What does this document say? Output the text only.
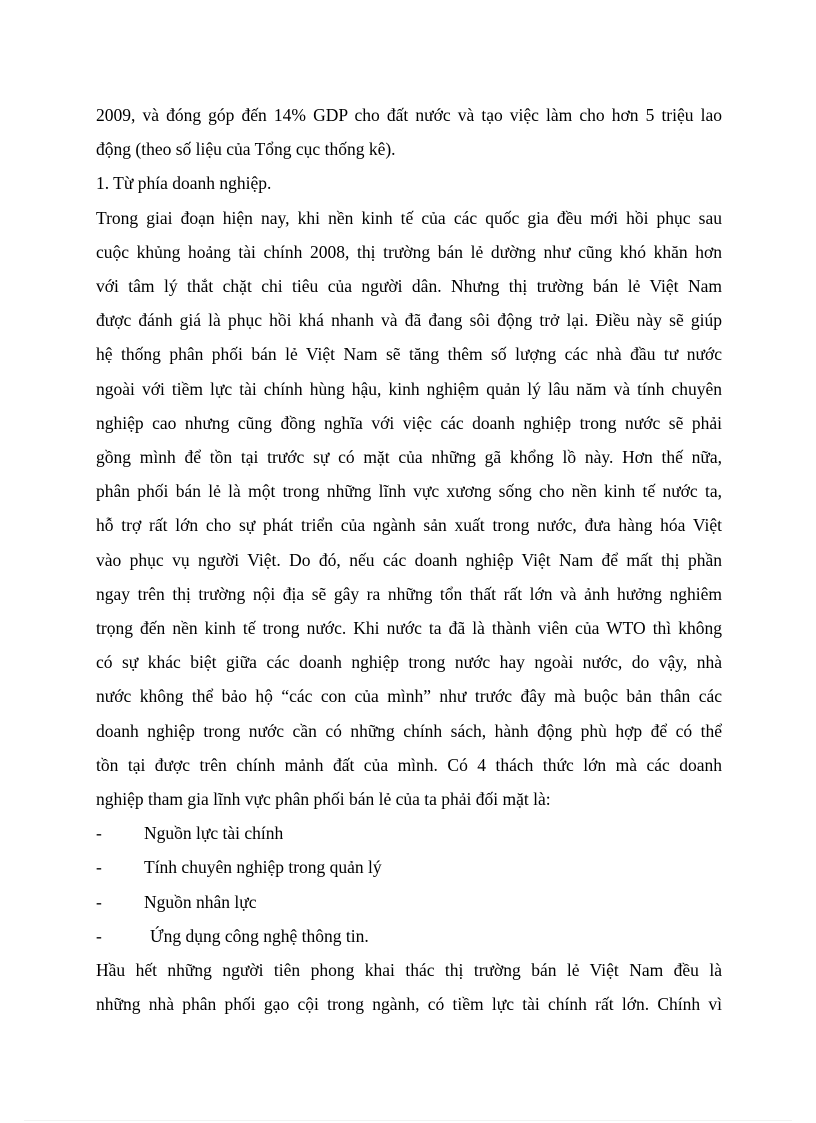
2009, và đóng góp đến 14% GDP cho đất nước và tạo việc làm cho hơn 5 triệu lao

động (theo số liệu của Tổng cục thống kê).

1. Từ phía doanh nghiệp.

Trong giai đoạn hiện nay, khi nền kinh tế của các quốc gia đều mới hồi phục sau

cuộc khủng hoảng tài chính 2008, thị trường bán lẻ dường như cũng khó khăn hơn

với tâm lý thắt chặt chi tiêu của người dân. Nhưng thị trường bán lẻ Việt Nam

được đánh giá là phục hồi khá nhanh và đã đang sôi động trở lại. Điều này sẽ giúp

hệ thống phân phối bán lẻ Việt Nam sẽ tăng thêm số lượng các nhà đầu tư nước

ngoài với tiềm lực tài chính hùng hậu, kinh nghiệm quản lý lâu năm và tính chuyên

nghiệp cao nhưng cũng đồng nghĩa với việc các doanh nghiệp trong nước sẽ phải

gồng mình để tồn tại trước sự có mặt của những gã khổng lồ này. Hơn thế nữa,

phân phối bán lẻ là một trong những lĩnh vực xương sống cho nền kinh tế nước ta,

hỗ trợ rất lớn cho sự phát triển của ngành sản xuất trong nước, đưa hàng hóa Việt

vào phục vụ người Việt. Do đó, nếu các doanh nghiệp Việt Nam để mất thị phần

ngay trên thị trường nội địa sẽ gây ra những tổn thất rất lớn và ảnh hưởng nghiêm

trọng đến nền kinh tế trong nước. Khi nước ta đã là thành viên của WTO thì không

có sự khác biệt giữa các doanh nghiệp trong nước hay ngoài nước, do vậy, nhà

nước không thể bảo hộ “các con của mình” như trước đây mà buộc bản thân các

doanh nghiệp trong nước cần có những chính sách, hành động phù hợp để có thể

tồn tại được trên chính mảnh đất của mình. Có 4 thách thức lớn mà các doanh

nghiệp tham gia lĩnh vực phân phối bán lẻ của ta phải đối mặt là:

-	Nguồn lực tài chính
-	Tính chuyên nghiệp trong quản lý
-	Nguồn nhân lực
-	Ứng dụng công nghệ thông tin.

Hầu hết những người tiên phong khai thác thị trường bán lẻ Việt Nam đều là

những nhà phân phối gạo cội trong ngành, có tiềm lực tài chính rất lớn. Chính vì
